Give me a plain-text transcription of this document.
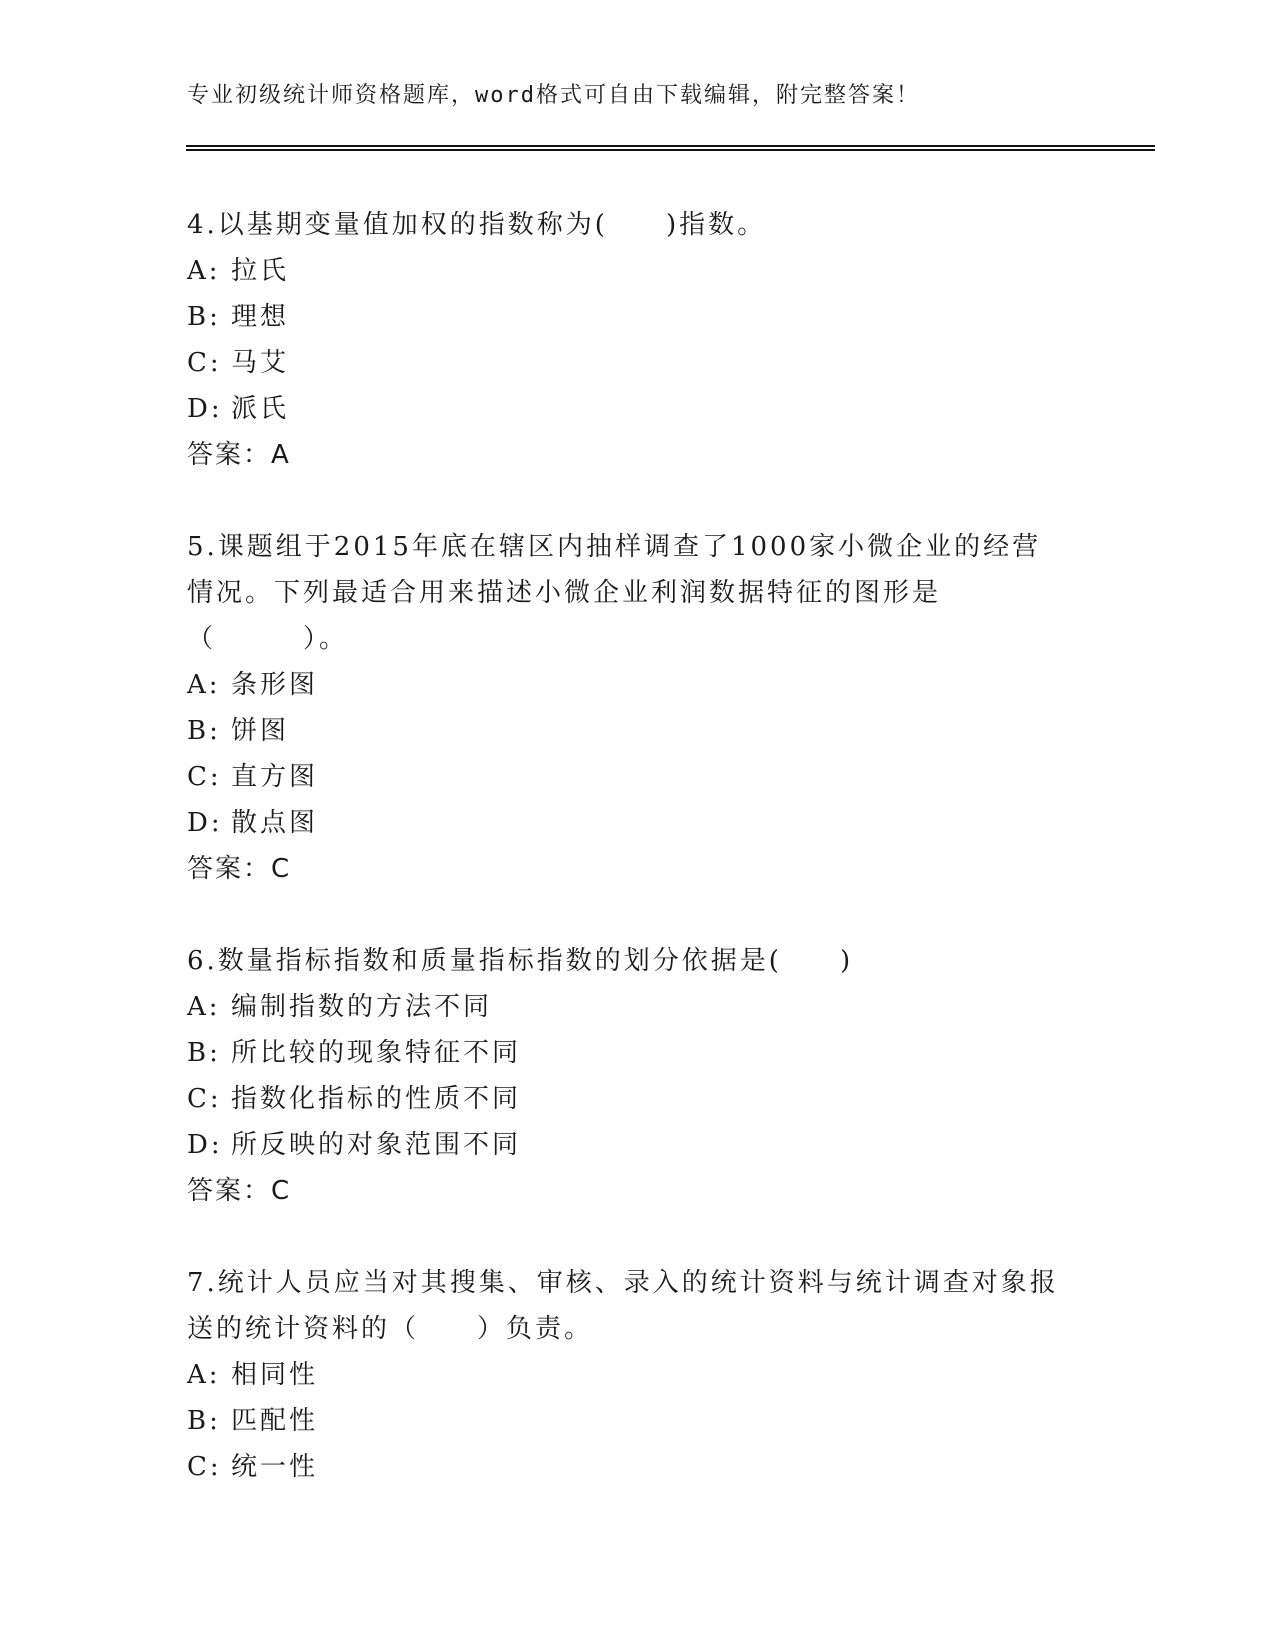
专业初级统计师资格题库，word格式可自由下载编辑，附完整答案！

4.以基期变量值加权的指数称为(　　)指数。

A: 拉氏

B: 理想

C: 马艾

D: 派氏

答案：A

5.课题组于2015年底在辖区内抽样调查了1000家小微企业的经营情况。下列最适合用来描述小微企业利润数据特征的图形是（　　　）。

A: 条形图

B: 饼图

C: 直方图

D: 散点图

答案：C

6.数量指标指数和质量指标指数的划分依据是(　　)

A: 编制指数的方法不同

B: 所比较的现象特征不同

C: 指数化指标的性质不同

D: 所反映的对象范围不同

答案：C

7.统计人员应当对其搜集、审核、录入的统计资料与统计调查对象报送的统计资料的（　　）负责。

A: 相同性

B: 匹配性

C: 统一性
